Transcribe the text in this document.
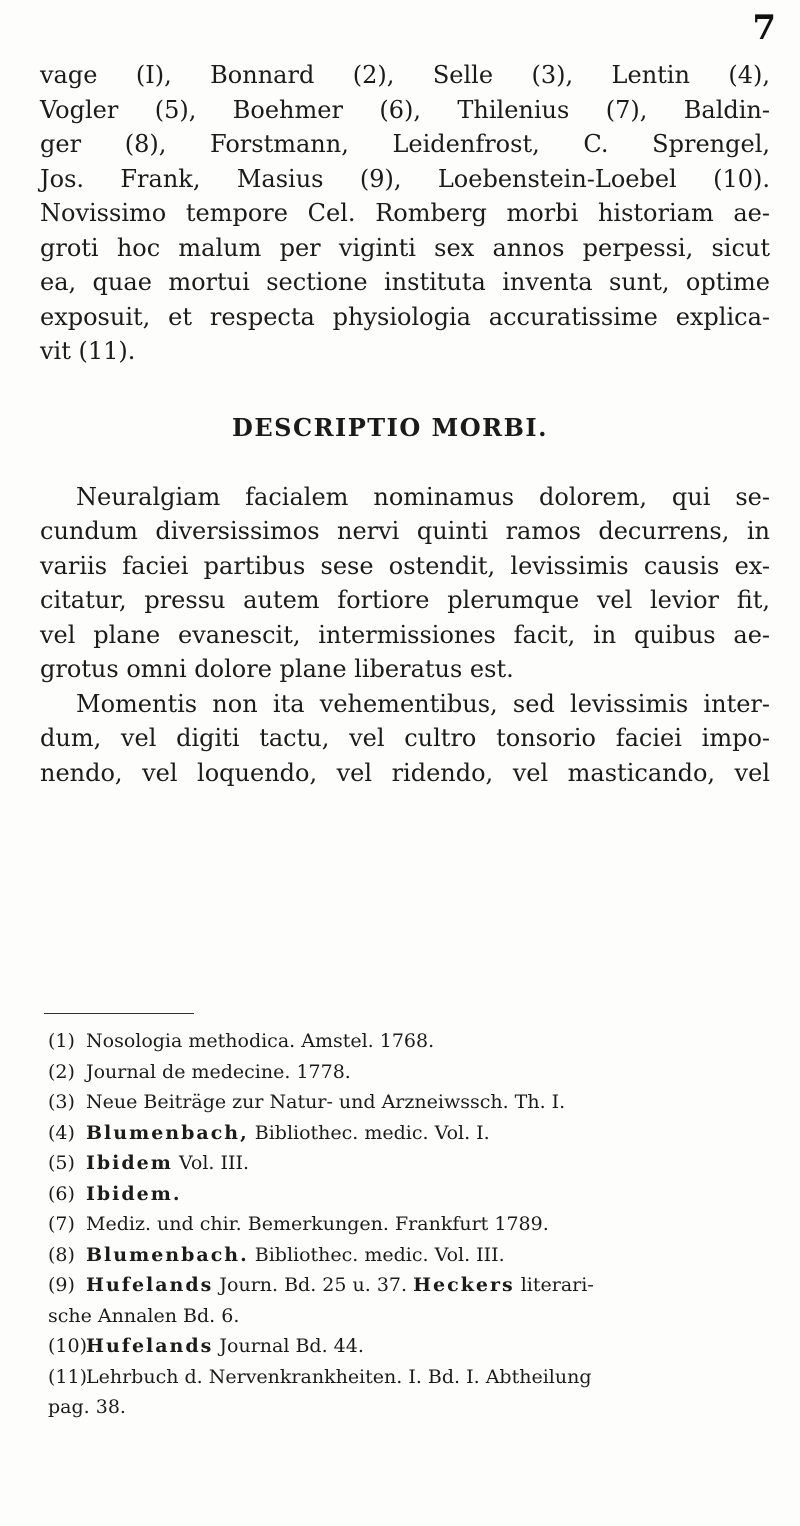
7
vage (I), Bonnard (2), Selle (3), Lentin (4),
Vogler (5), Boehmer (6), Thilenius (7), Baldin-
ger (8), Forstmann, Leidenfrost, C. Sprengel,
Jos. Frank, Masius (9), Loebenstein-Loebel (10).
Novissimo tempore Cel. Romberg morbi historiam ae-
groti hoc malum per viginti sex annos perpessi, sicut
ea, quae mortui sectione instituta inventa sunt, optime
exposuit, et respecta physiologia accuratissime explica-
vit (11).
DESCRIPTIO MORBI.
Neuralgiam facialem nominamus dolorem, qui se-
cundum diversissimos nervi quinti ramos decurrens, in
variis faciei partibus sese ostendit, levissimis causis ex-
citatur, pressu autem fortiore plerumque vel levior fit,
vel plane evanescit, intermissiones facit, in quibus ae-
grotus omni dolore plane liberatus est.
Momentis non ita vehementibus, sed levissimis inter-
dum, vel digiti tactu, vel cultro tonsorio faciei impo-
nendo, vel loquendo, vel ridendo, vel masticando, vel
(1) Nosologia methodica. Amstel. 1768.
(2) Journal de medecine. 1778.
(3) Neue Beiträge zur Natur- und Arzneiwssch. Th. I.
(4) Blumenbach, Bibliothec. medic. Vol. I.
(5) Ibidem Vol. III.
(6) Ibidem.
(7) Mediz. und chir. Bemerkungen. Frankfurt 1789.
(8) Blumenbach. Bibliothec. medic. Vol. III.
(9) Hufelands Journ. Bd. 25 u. 37. Heckers literari-
sche Annalen Bd. 6.
(10)Hufelands Journal Bd. 44.
(11)Lehrbuch d. Nervenkrankheiten. I. Bd. I. Abtheilung
pag. 38.
